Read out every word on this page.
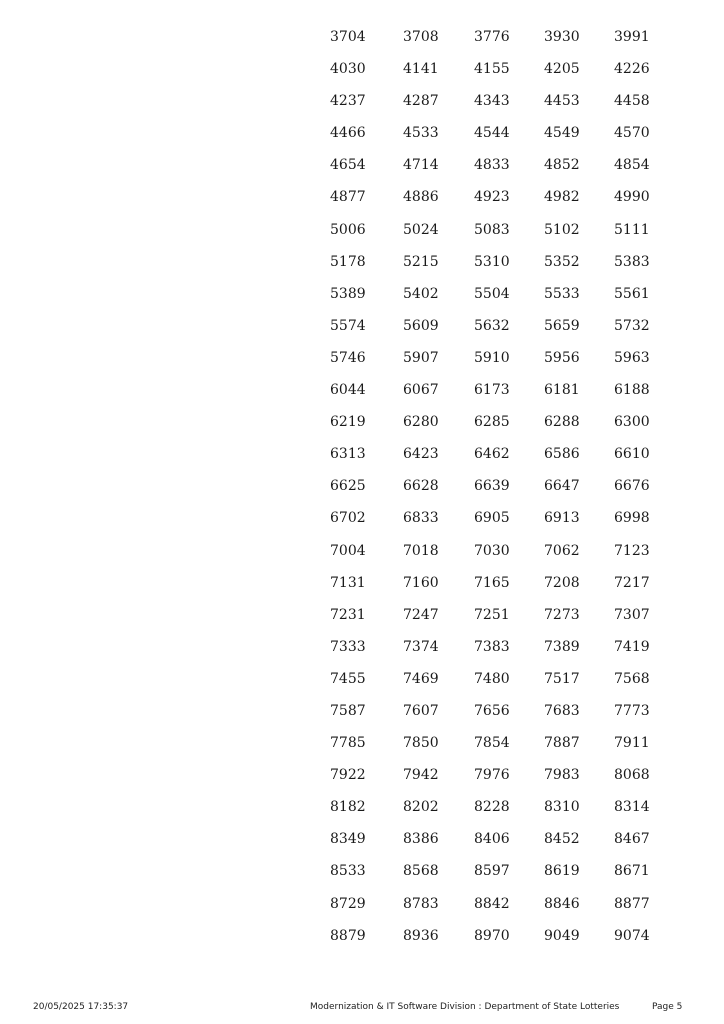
3704	3708	3776	3930	3991
4030	4141	4155	4205	4226
4237	4287	4343	4453	4458
4466	4533	4544	4549	4570
4654	4714	4833	4852	4854
4877	4886	4923	4982	4990
5006	5024	5083	5102	5111
5178	5215	5310	5352	5383
5389	5402	5504	5533	5561
5574	5609	5632	5659	5732
5746	5907	5910	5956	5963
6044	6067	6173	6181	6188
6219	6280	6285	6288	6300
6313	6423	6462	6586	6610
6625	6628	6639	6647	6676
6702	6833	6905	6913	6998
7004	7018	7030	7062	7123
7131	7160	7165	7208	7217
7231	7247	7251	7273	7307
7333	7374	7383	7389	7419
7455	7469	7480	7517	7568
7587	7607	7656	7683	7773
7785	7850	7854	7887	7911
7922	7942	7976	7983	8068
8182	8202	8228	8310	8314
8349	8386	8406	8452	8467
8533	8568	8597	8619	8671
8729	8783	8842	8846	8877
8879	8936	8970	9049	9074
20/05/2025 17:35:37	Modernization & IT Software Division : Department of State Lotteries	Page 5
